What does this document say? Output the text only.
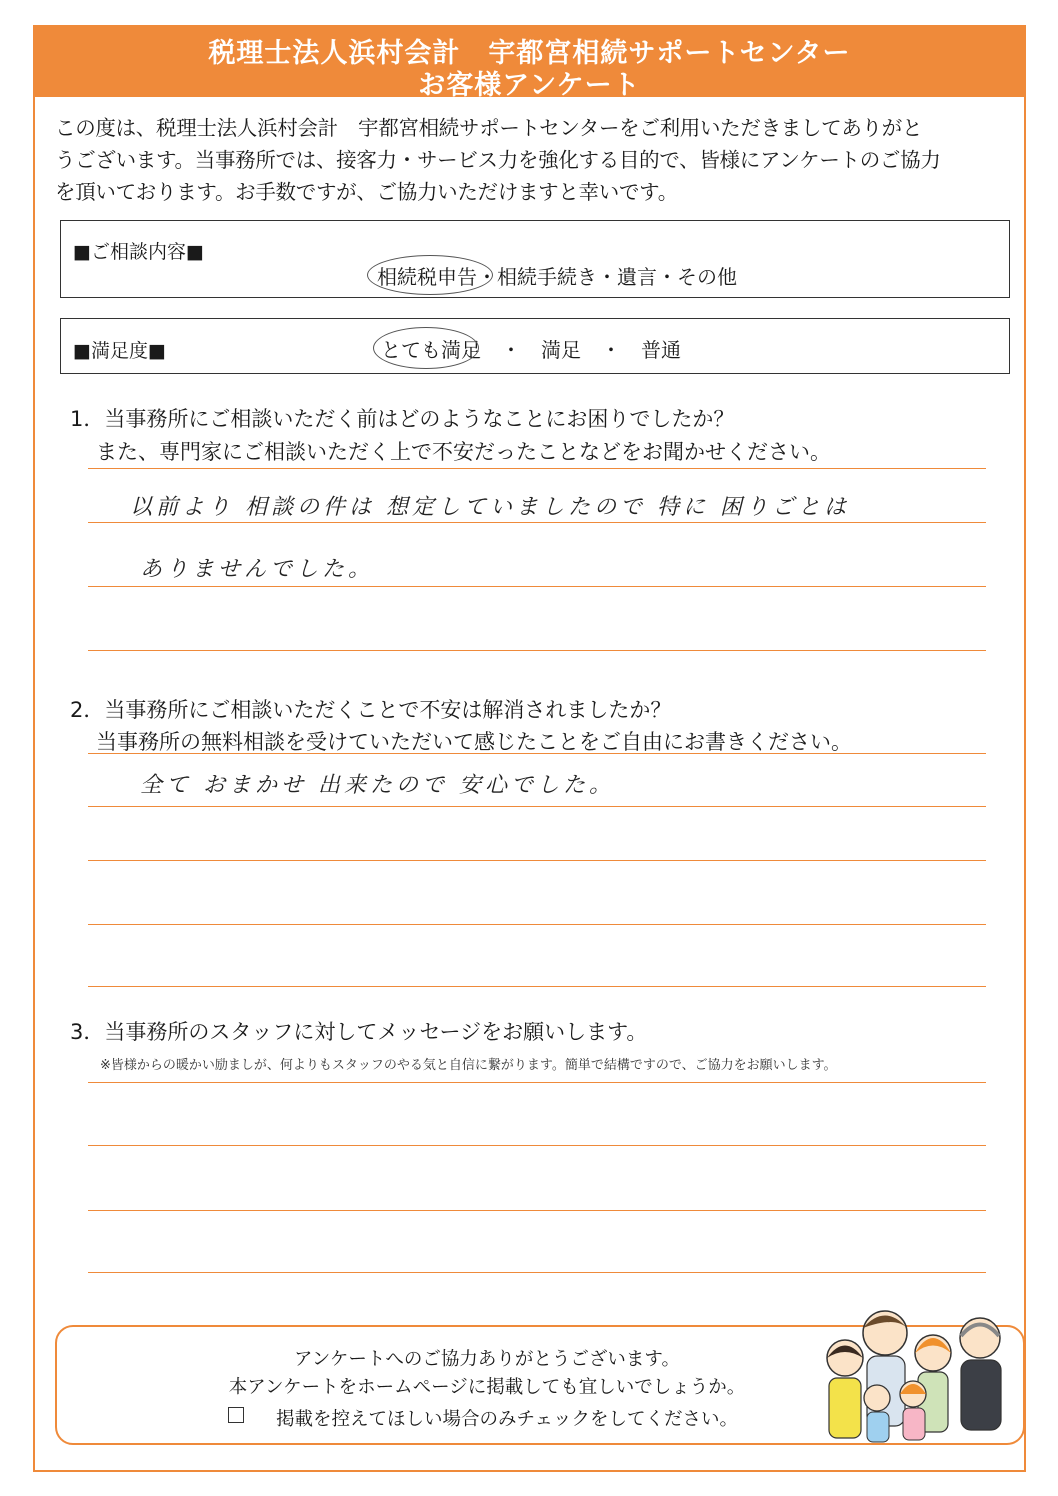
税理士法人浜村会計　宇都宮相続サポートセンター
お客様アンケート
この度は、税理士法人浜村会計　宇都宮相続サポートセンターをご利用いただきましてありがと
うございます。当事務所では、接客力・サービス力を強化する目的で、皆様にアンケートのご協力
を頂いております。お手数ですが、ご協力いただけますと幸いです。
■ご相談内容■
相続税申告・相続手続き・遺言・その他
■満足度■	とても満足　・　満足　・　普通
1．当事務所にご相談いただく前はどのようなことにお困りでしたか？
また、専門家にご相談いただく上で不安だったことなどをお聞かせください。
以前より 相談の件は 想定していましたので 特に 困りごとは
ありませんでした。
2．当事務所にご相談いただくことで不安は解消されましたか？
当事務所の無料相談を受けていただいて感じたことをご自由にお書きください。
全て おまかせ 出来たので 安心でした。
3．当事務所のスタッフに対してメッセージをお願いします。
※皆様からの暖かい励ましが、何よりもスタッフのやる気と自信に繋がります。簡単で結構ですので、ご協力をお願いします。
アンケートへのご協力ありがとうございます。
本アンケートをホームページに掲載しても宜しいでしょうか。
掲載を控えてほしい場合のみチェックをしてください。
